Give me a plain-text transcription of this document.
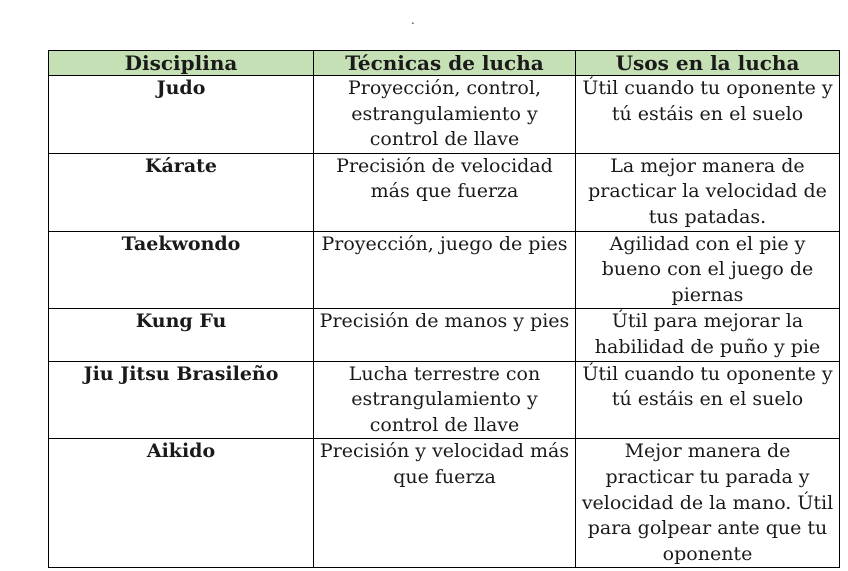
.
Disciplina	Técnicas de lucha	Usos en la lucha
Judo	Proyección, control, estrangulamiento y control de llave	Útil cuando tu oponente y tú estáis en el suelo
Kárate	Precisión de velocidad más que fuerza	La mejor manera de practicar la velocidad de tus patadas.
Taekwondo	Proyección, juego de pies	Agilidad con el pie y bueno con el juego de piernas
Kung Fu	Precisión de manos y pies	Útil para mejorar la habilidad de puño y pie
Jiu Jitsu Brasileño	Lucha terrestre con estrangulamiento y control de llave	Útil cuando tu oponente y tú estáis en el suelo
Aikido	Precisión y velocidad más que fuerza	Mejor manera de practicar tu parada y velocidad de la mano. Útil para golpear ante que tu oponente
